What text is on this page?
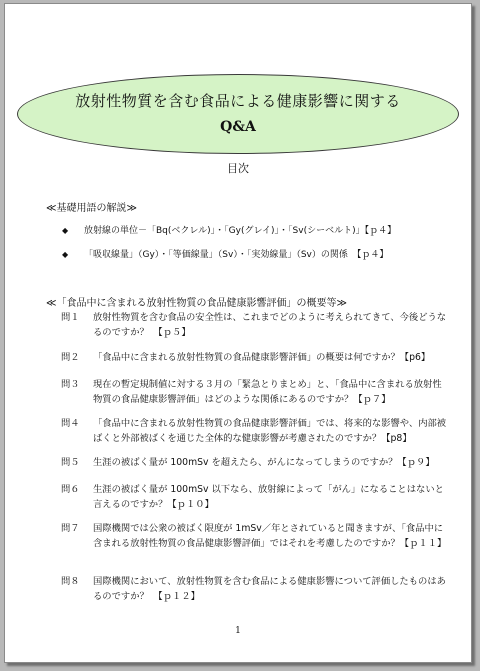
放射性物質を含む食品による健康影響に関する
Q&A
目次
≪基礎用語の解説≫
◆ 放射線の単位－「Bq(ベクレル)」・「Gy(グレイ)」・「Sv(シーベルト)」【ｐ４】
◆ 「吸収線量」（Gy）・「等価線量」（Sv）・「実効線量」（Sv）の関係　【ｐ４】
≪「食品中に含まれる放射性物質の食品健康影響評価」の概要等≫
問１	放射性物質を含む食品の安全性は、これまでどのように考えられてきて、今後どうなるのですか？　【ｐ５】
問２	「食品中に含まれる放射性物質の食品健康影響評価」の概要は何ですか？【p6】
問３	現在の暫定規制値に対する３月の「緊急とりまとめ」と、「食品中に含まれる放射性物質の食品健康影響評価」はどのような関係にあるのですか？【ｐ７】
問４	「食品中に含まれる放射性物質の食品健康影響評価」では、将来的な影響や、内部被ばくと外部被ばくを通じた全体的な健康影響が考慮されたのですか？【p8】
問５	生涯の被ばく量が 100mSv を超えたら、がんになってしまうのですか？【ｐ９】
問６	生涯の被ばく量が 100mSv 以下なら、放射線によって「がん」になることはないと言えるのですか？【ｐ１０】
問７	国際機関では公衆の被ばく限度が 1mSv／年とされていると聞きますが、「食品中に含まれる放射性物質の食品健康影響評価」ではそれを考慮したのですか？【ｐ１１】
問８	国際機関において、放射性物質を含む食品による健康影響について評価したものはあるのですか？　【ｐ１２】
1
